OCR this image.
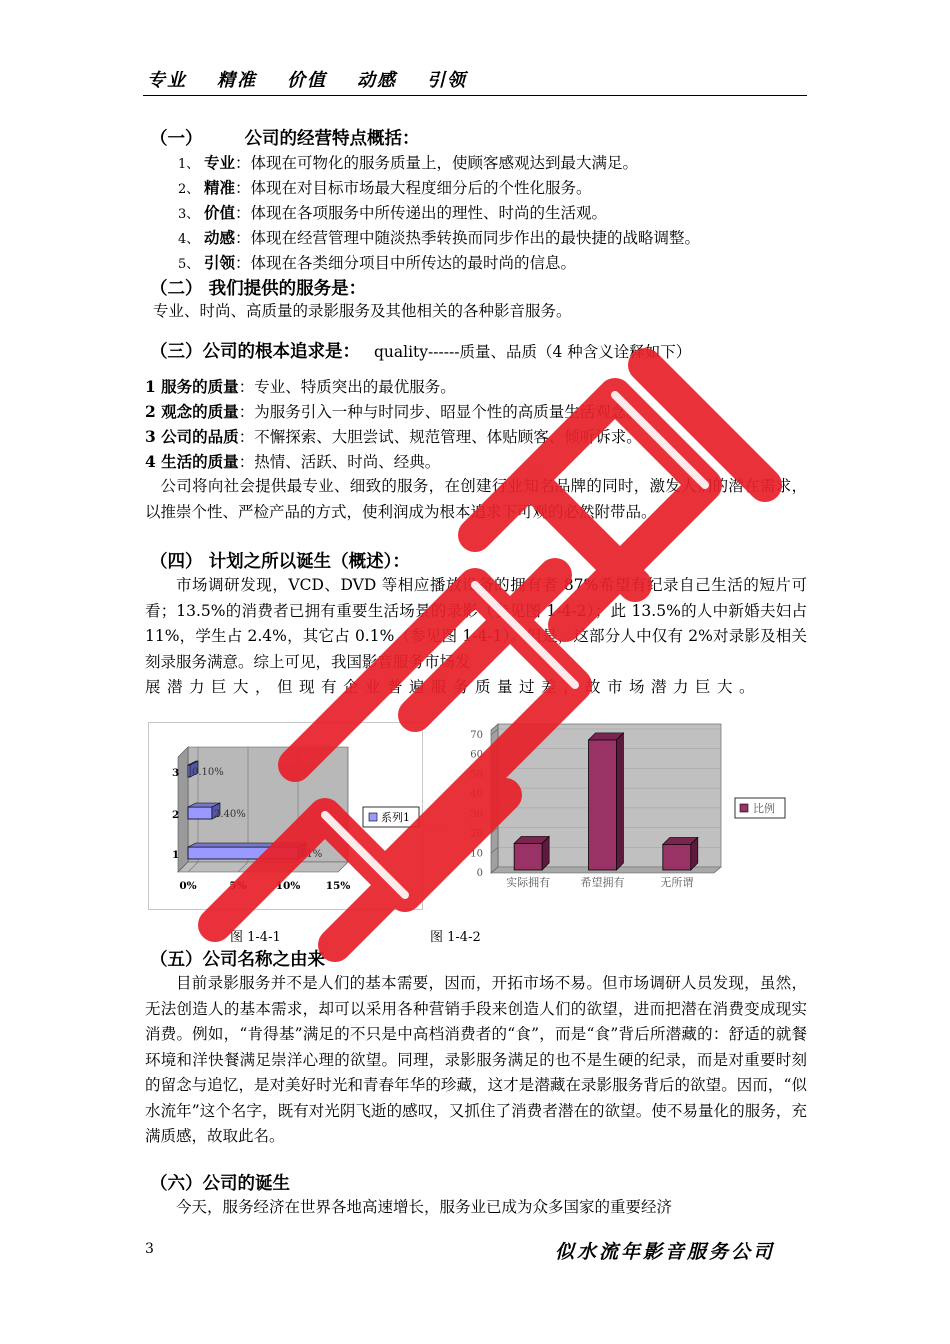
专业 精准 价值 动感 引领
（一） 公司的经营特点概括：
1、 专业：体现在可物化的服务质量上，使顾客感观达到最大满足。
2、 精准：体现在对目标市场最大程度细分后的个性化服务。
3、 价值：体现在各项服务中所传递出的理性、时尚的生活观。
4、 动感：体现在经营管理中随淡热季转换而同步作出的最快捷的战略调整。
5、 引领：体现在各类细分项目中所传达的最时尚的信息。
（二） 我们提供的服务是：
专业、时尚、高质量的录影服务及其他相关的各种影音服务。
（三）公司的根本追求是： quality------质量、品质（4 种含义诠释如下）
1 服务的质量：专业、特质突出的最优服务。
2 观念的质量：为服务引入一种与时同步、昭显个性的高质量生活观念。
3 公司的品质：不懈探索、大胆尝试、规范管理、体贴顾客、倾听诉求。
4 生活的质量：热情、活跃、时尚、经典。
公司将向社会提供最专业、细致的服务，在创建行业知名品牌的同时，激发人们的潜在需求，以推崇个性、严检产品的方式，使利润成为根本追求下可观的必然附带品。
（四） 计划之所以诞生（概述）：
市场调研发现，VCD、DVD 等相应播放设备的拥有者 87%希望有纪录自己生活的短片可看；13.5%的消费者已拥有重要生活场景的录影（参见图 1-4-2）；此 13.5%的人中新婚夫妇占 11%，学生占 2.4%，其它占 0.1%（参见图 1-4-1）。但是，这部分人中仅有 2%对录影及相关刻录服务满意。综上可见，我国影音服务市场发
展潜力巨大，但现有企业普遍服务质量过差，故市场潜力巨大。
11%
2.40%
0.10%
0%	5%	10% 15%
1
2
3
系列1
图 1-4-1
0
10
20
30
40
50
60
70
实际拥有	希望拥有	无所谓
比例
图 1-4-2
（五）公司名称之由来
目前录影服务并不是人们的基本需要，因而，开拓市场不易。但市场调研人员发现，虽然，无法创造人的基本需求，却可以采用各种营销手段来创造人们的欲望，进而把潜在消费变成现实消费。例如，“肯得基”满足的不只是中高档消费者的“食”，而是“食”背后所潜藏的：舒适的就餐环境和洋快餐满足崇洋心理的欲望。同理，录影服务满足的也不是生硬的纪录，而是对重要时刻的留念与追忆，是对美好时光和青春年华的珍藏，这才是潜藏在录影服务背后的欲望。因而，“似水流年”这个名字，既有对光阴飞逝的感叹，又抓住了消费者潜在的欲望。使不易量化的服务，充满质感，故取此名。
（六）公司的诞生
今天，服务经济在世界各地高速增长，服务业已成为众多国家的重要经济
3	似水流年影音服务公司
